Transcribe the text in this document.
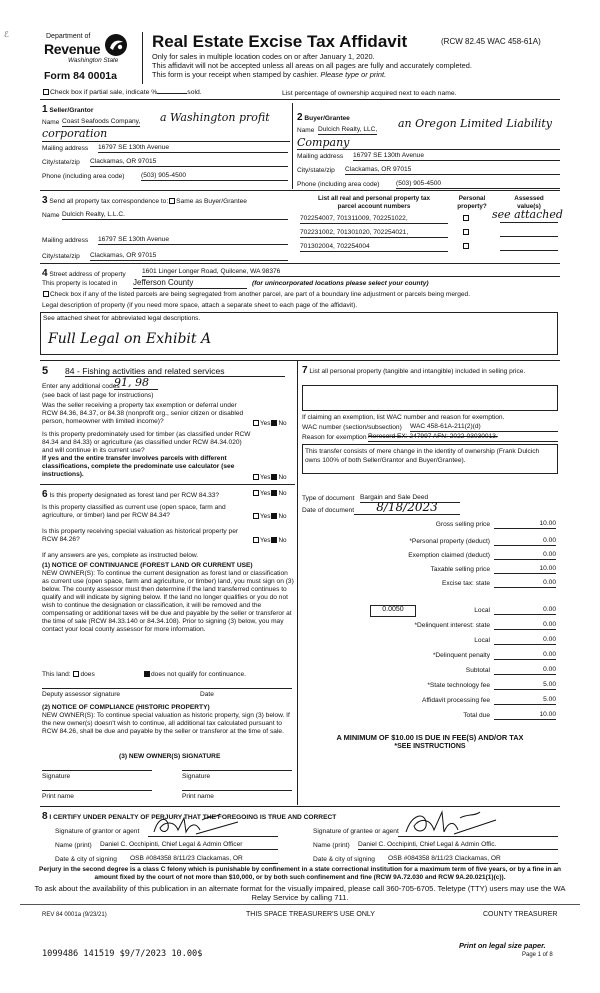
ℰ	Department of
Revenue
Washington State
Form 84 0001a
Real Estate Excise Tax Affidavit	(RCW 82.45 WAC 458-61A)
Only for sales in multiple location codes on or after January 1, 2020.
This affidavit will not be accepted unless all areas on all pages are fully and accurately completed.
This form is your receipt when stamped by cashier. Please type or print.
Check box if partial sale, indicate %	sold.	List percentage of ownership acquired next to each name.
1 Seller/Grantor
Name Coast Seafoods Company, a Washington profit
corporation
Mailing address 16797 SE 130th Avenue
City/state/zip Clackamas, OR 97015
Phone (including area code)	(503) 905-4500
2 Buyer/Grantee
Name Dulcich Realty, LLC, an Oregon Limited Liability
Company
Mailing address 16797 SE 130th Avenue
City/state/zip Clackamas, OR 97015
Phone (including area code)	(503) 905-4500
3 Send all property tax correspondence to: Same as Buyer/Grantee
Name Dulcich Realty, L.L.C.
Mailing address 16797 SE 130th Avenue
City/state/zip Clackamas, OR 97015
List all real and personal property tax
parcel account numbers
Personal
property?
Assessed
value(s)
702254007, 701311009, 702251022,
702231002, 701301020, 702254021,
701302004, 702254004
see attached
4 Street address of property 1601 Linger Longer Road, Quilcene, WA 98376
This property is located in Jefferson County	(for unincorporated locations please select your county)
Check box if any of the listed parcels are being segregated from another parcel, are part of a boundary line adjustment or parcels being merged.
Legal description of property (if you need more space, attach a separate sheet to each page of the affidavit).
See attached sheet for abbreviated legal descriptions.
Full Legal on Exhibit A
5 84 - Fishing activities and related services
Enter any additional codes
91, 98
(see back of last page for instructions)
Was the seller receiving a property tax exemption or deferral under RCW 84.36, 84.37, or 84.38 (nonprofit org., senior citizen or disabled person, homeowner with limited income)?	Yes No
Is this property predominately used for timber (as classified under RCW 84.34 and 84.33) or agriculture (as classified under RCW 84.34.020) and will continue in its current use?
If yes and the entire transfer involves parcels with different classifications, complete the predominate use calculator (see instructions).	Yes No
6 Is this property designated as forest land per RCW 84.33?	Yes No
Is this property classified as current use (open space, farm and agriculture, or timber) land per RCW 84.34?	Yes No
Is this property receiving special valuation as historical property per RCW 84.26?	Yes No
If any answers are yes, complete as instructed below.
(1) NOTICE OF CONTINUANCE (FOREST LAND OR CURRENT USE)
NEW OWNER(S): To continue the current designation as forest land or classification as current use (open space, farm and agriculture, or timber) land, you must sign on (3) below. The county assessor must then determine if the land transferred continues to qualify and will indicate by signing below. If the land no longer qualifies or you do not wish to continue the designation or classification, it will be removed and the compensating or additional taxes will be due and payable by the seller or transferor at the time of sale (RCW 84.33.140 or 84.34.108). Prior to signing (3) below, you may contact your local county assessor for more information.
This land: does	does not qualify for continuance.
Deputy assessor signature	Date
(2) NOTICE OF COMPLIANCE (HISTORIC PROPERTY)
NEW OWNER(S): To continue special valuation as historic property, sign (3) below. If the new owner(s) doesn't wish to continue, all additional tax calculated pursuant to RCW 84.26, shall be due and payable by the seller or transferor at the time of sale.
(3) NEW OWNER(S) SIGNATURE
Signature	Signature
Print name	Print name
7 List all personal property (tangible and intangible) included in selling price.
If claiming an exemption, list WAC number and reason for exemption.
WAC number (section/subsection) WAC 458-61A-211(2)(d)
Reason for exemption Rerecord EX: 247997 AFN: 2022-03030013.
This transfer consists of mere change in the identity of ownership (Frank Dulcich owns 100% of both Seller/Grantor and Buyer/Grantee).
Type of document Bargain and Sale Deed
Date of document	8/18/2023
Gross selling price	10.00
*Personal property (deduct)	0.00
Exemption claimed (deduct)	0.00
Taxable selling price	10.00
Excise tax: state	0.00
0.0050	Local	0.00
*Delinquent interest: state	0.00
Local	0.00
*Delinquent penalty	0.00
Subtotal	0.00
*State technology fee	5.00
Affidavit processing fee	5.00
Total due	10.00
A MINIMUM OF $10.00 IS DUE IN FEE(S) AND/OR TAX
*SEE INSTRUCTIONS
8 I CERTIFY UNDER PENALTY OF PERJURY THAT THE FOREGOING IS TRUE AND CORRECT
Signature of grantor or agent	Signature of grantee or agent
Name (print) Daniel C. Occhipinti, Chief Legal & Admin Officer	Name (print) Daniel C. Occhipinti, Chief Legal & Admin Offic.
Date & city of signing OSB #084358 8/11/23 Clackamas, OR	Date & city of signing OSB #084358 8/11/23 Clackamas, OR
Perjury in the second degree is a class C felony which is punishable by confinement in a state correctional institution for a maximum term of five years, or by a fine in an amount fixed by the court of not more than $10,000, or by both such confinement and fine (RCW 9A.72.030 and RCW 9A.20.021(1)(c)).
To ask about the availability of this publication in an alternate format for the visually impaired, please call 360-705-6705. Teletype (TTY) users may use the WA Relay Service by calling 711.
REV 84 0001a (9/23/21)	THIS SPACE TREASURER'S USE ONLY	COUNTY TREASURER
Print on legal size paper.
Page 1 of 8
1099486 141519 $9/7/2023 10.00$
